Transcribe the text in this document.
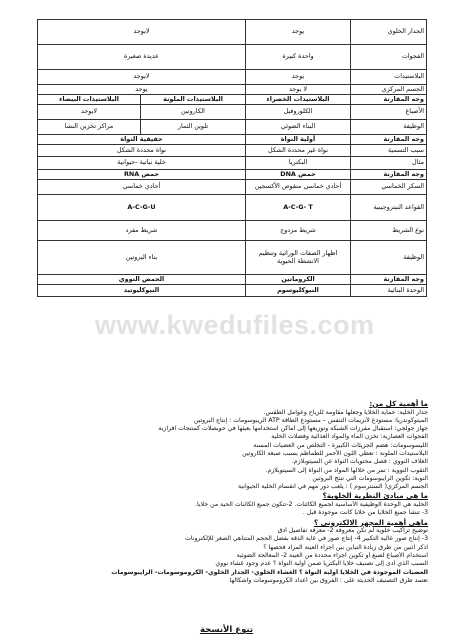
الجدار الخلوي	يوجد	لايوجد	
الفجوات	واحدة كبيرة	عديدة صغيرة	
البلاستيدات	يوجد	لايوجد	
الجسم المركزي	لا يوجد	يوجد	
وجه المقارنة	البلاستيدات الخضراء	البلاستيدات الملونة	البلاستيدات البيضاء
الأصباغ	الكلوروفيل	الكاروتين	لايوجد
الوظيفة	البناء الضوئي	تلوين الثمار	مراكز تخزين النشا
وجه المقارنة	أولية النواة	حقيقية النواة	
سبب التسمية	نواة غير محددة الشكل	نواة محددة الشكل	
مثال	البكتريا	خلية نباتية -حيوانية	
وجه المقارنة	حمض DNA	حمض RNA	
السكر الخماسي	أحادي خماسي منقوص الأكسجين	أحادي خماسي	
القواعد النيتروجينية	A-C-G- T	A-C-G-U	
نوع الشريط	شريط مزدوج	شريط مفرد	
الوظيفة	اظهار الصفات الوراثية وتنظيم الانشطة الحيوية	بناء البروتين	
وجه المقارنة	الكروماتين	الحمض النووي	
الوحدة البنائية	النيوكليوسوم	النيوكليوتيد	
www.kwedufiles.com
ما أهمية كل من:
جدار الخلية: حماية الخلايا وجعلها مقاومة للرياح وعوامل الطقس.
الميتوكوندريا: مستودع لأنزيمات التنفس – مستودع الطاقة ATP الريبوسومات : إنتاج البروتين
جهاز جولجي: استقبال مفرزات الشبكة وتوزيعها إلى أماكن استخدامها بعيئها في حويصلات كمنتجات افرازية
الفجوات العصارية: تخزن الماء والمواد الغذائية وفضلات الخلية
الليسوسومات: هضم الجزيئات الكبيرة - التخلص من العضيات المسنة
البلاستيدات الملونة : تعطي اللون الأحمر للطماطم بسبب صبغة الكاروتين
الغلاف النووي : فصل محتويات النواة عن السيتوبلازم.
الثقوب النووية : تمر من خلالها المواد من النواة إلى السيتوبلازم.
النوية: تكوين الرايبوسومات التي تنتج البروتين
الجسم المركزي( السنترسوم ) : يلعب دور مهم في انقسام الخلية الحيوانية
ما هي مبادئ النظرية الخلوية؟
الخلية هي الوحدة الوظيفية الأساسية لجميع الكائنات. 2-تتكون جميع الكائنات الحية من خلايا.
3- تنشأ جميع الخلايا من خلايا كانت موجودة قبل .
ماهي أهمية المجهر الالكتروني ؟
توضيح تراكيب خلوية لم تكن معروفة 2- معرفة تفاصيل أدق
3- إنتاج صور عالية التكبير 4- إنتاج صور في غاية الدقة بفضل الحجم المتناهي الصغر للإلكترونات
اذكر اثنين من طرق زيادة التباين بين أجزاء العينة المراد فحصها ؟
استخدام الأصباغ لصبغ أو تكوين أجزاء محددة من العينة 2- المعالجة الضوئية
السبب الذي أدى إلى تصنيف خلايا البكتريا ضمن أولية النواة ؟ عدم وجود غشاء نووي
العضيات الموجودة في الخلايا أولية النواة ؟ الغشاء الخلوي- الجدار الخلوي- الكروموسومات- الرايبوسومات
تعتمد طرق التصنيف الحديثة على : الفروق بين أعداد الكروموسومات واشكالها
تنوع الأنسجة
